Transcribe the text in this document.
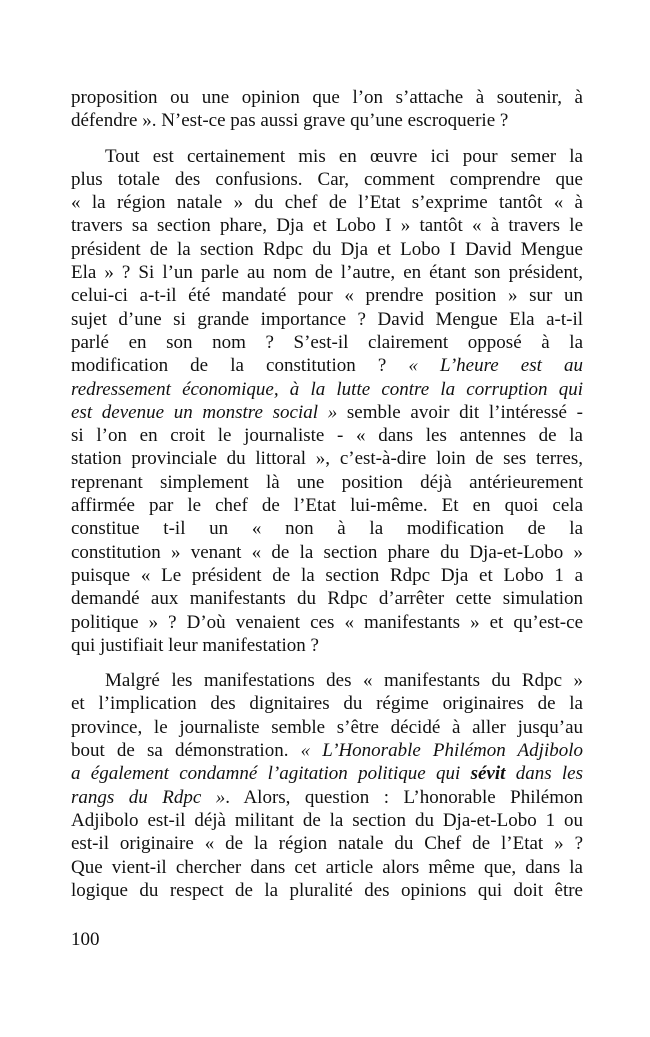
proposition ou une opinion que l’on s’attache à soutenir, à
défendre ». N’est-ce pas aussi grave qu’une escroquerie ?
Tout est certainement mis en œuvre ici pour semer la
plus totale des confusions. Car, comment comprendre que
« la région natale » du chef de l’Etat s’exprime tantôt « à
travers sa section phare, Dja et Lobo I » tantôt « à travers le
président de la section Rdpc du Dja et Lobo I David Mengue
Ela » ? Si l’un parle au nom de l’autre, en étant son président,
celui-ci a-t-il été mandaté pour « prendre position » sur un
sujet d’une si grande importance ? David Mengue Ela a-t-il
parlé en son nom ? S’est-il clairement opposé à la
modification de la constitution ? « L’heure est au
redressement économique, à la lutte contre la corruption qui
est devenue un monstre social » semble avoir dit l’intéressé -
si l’on en croit le journaliste - « dans les antennes de la
station provinciale du littoral », c’est-à-dire loin de ses terres,
reprenant simplement là une position déjà antérieurement
affirmée par le chef de l’Etat lui-même. Et en quoi cela
constitue t-il un « non à la modification de la
constitution » venant « de la section phare du Dja-et-Lobo »
puisque « Le président de la section Rdpc Dja et Lobo 1 a
demandé aux manifestants du Rdpc d’arrêter cette simulation
politique » ? D’où venaient ces « manifestants » et qu’est-ce
qui justifiait leur manifestation ?
Malgré les manifestations des « manifestants du Rdpc »
et l’implication des dignitaires du régime originaires de la
province, le journaliste semble s’être décidé à aller jusqu’au
bout de sa démonstration. « L’Honorable Philémon Adjibolo
a également condamné l’agitation politique qui sévit dans les
rangs du Rdpc ». Alors, question : L’honorable Philémon
Adjibolo est-il déjà militant de la section du Dja-et-Lobo 1 ou
est-il originaire « de la région natale du Chef de l’Etat » ?
Que vient-il chercher dans cet article alors même que, dans la
logique du respect de la pluralité des opinions qui doit être
100
